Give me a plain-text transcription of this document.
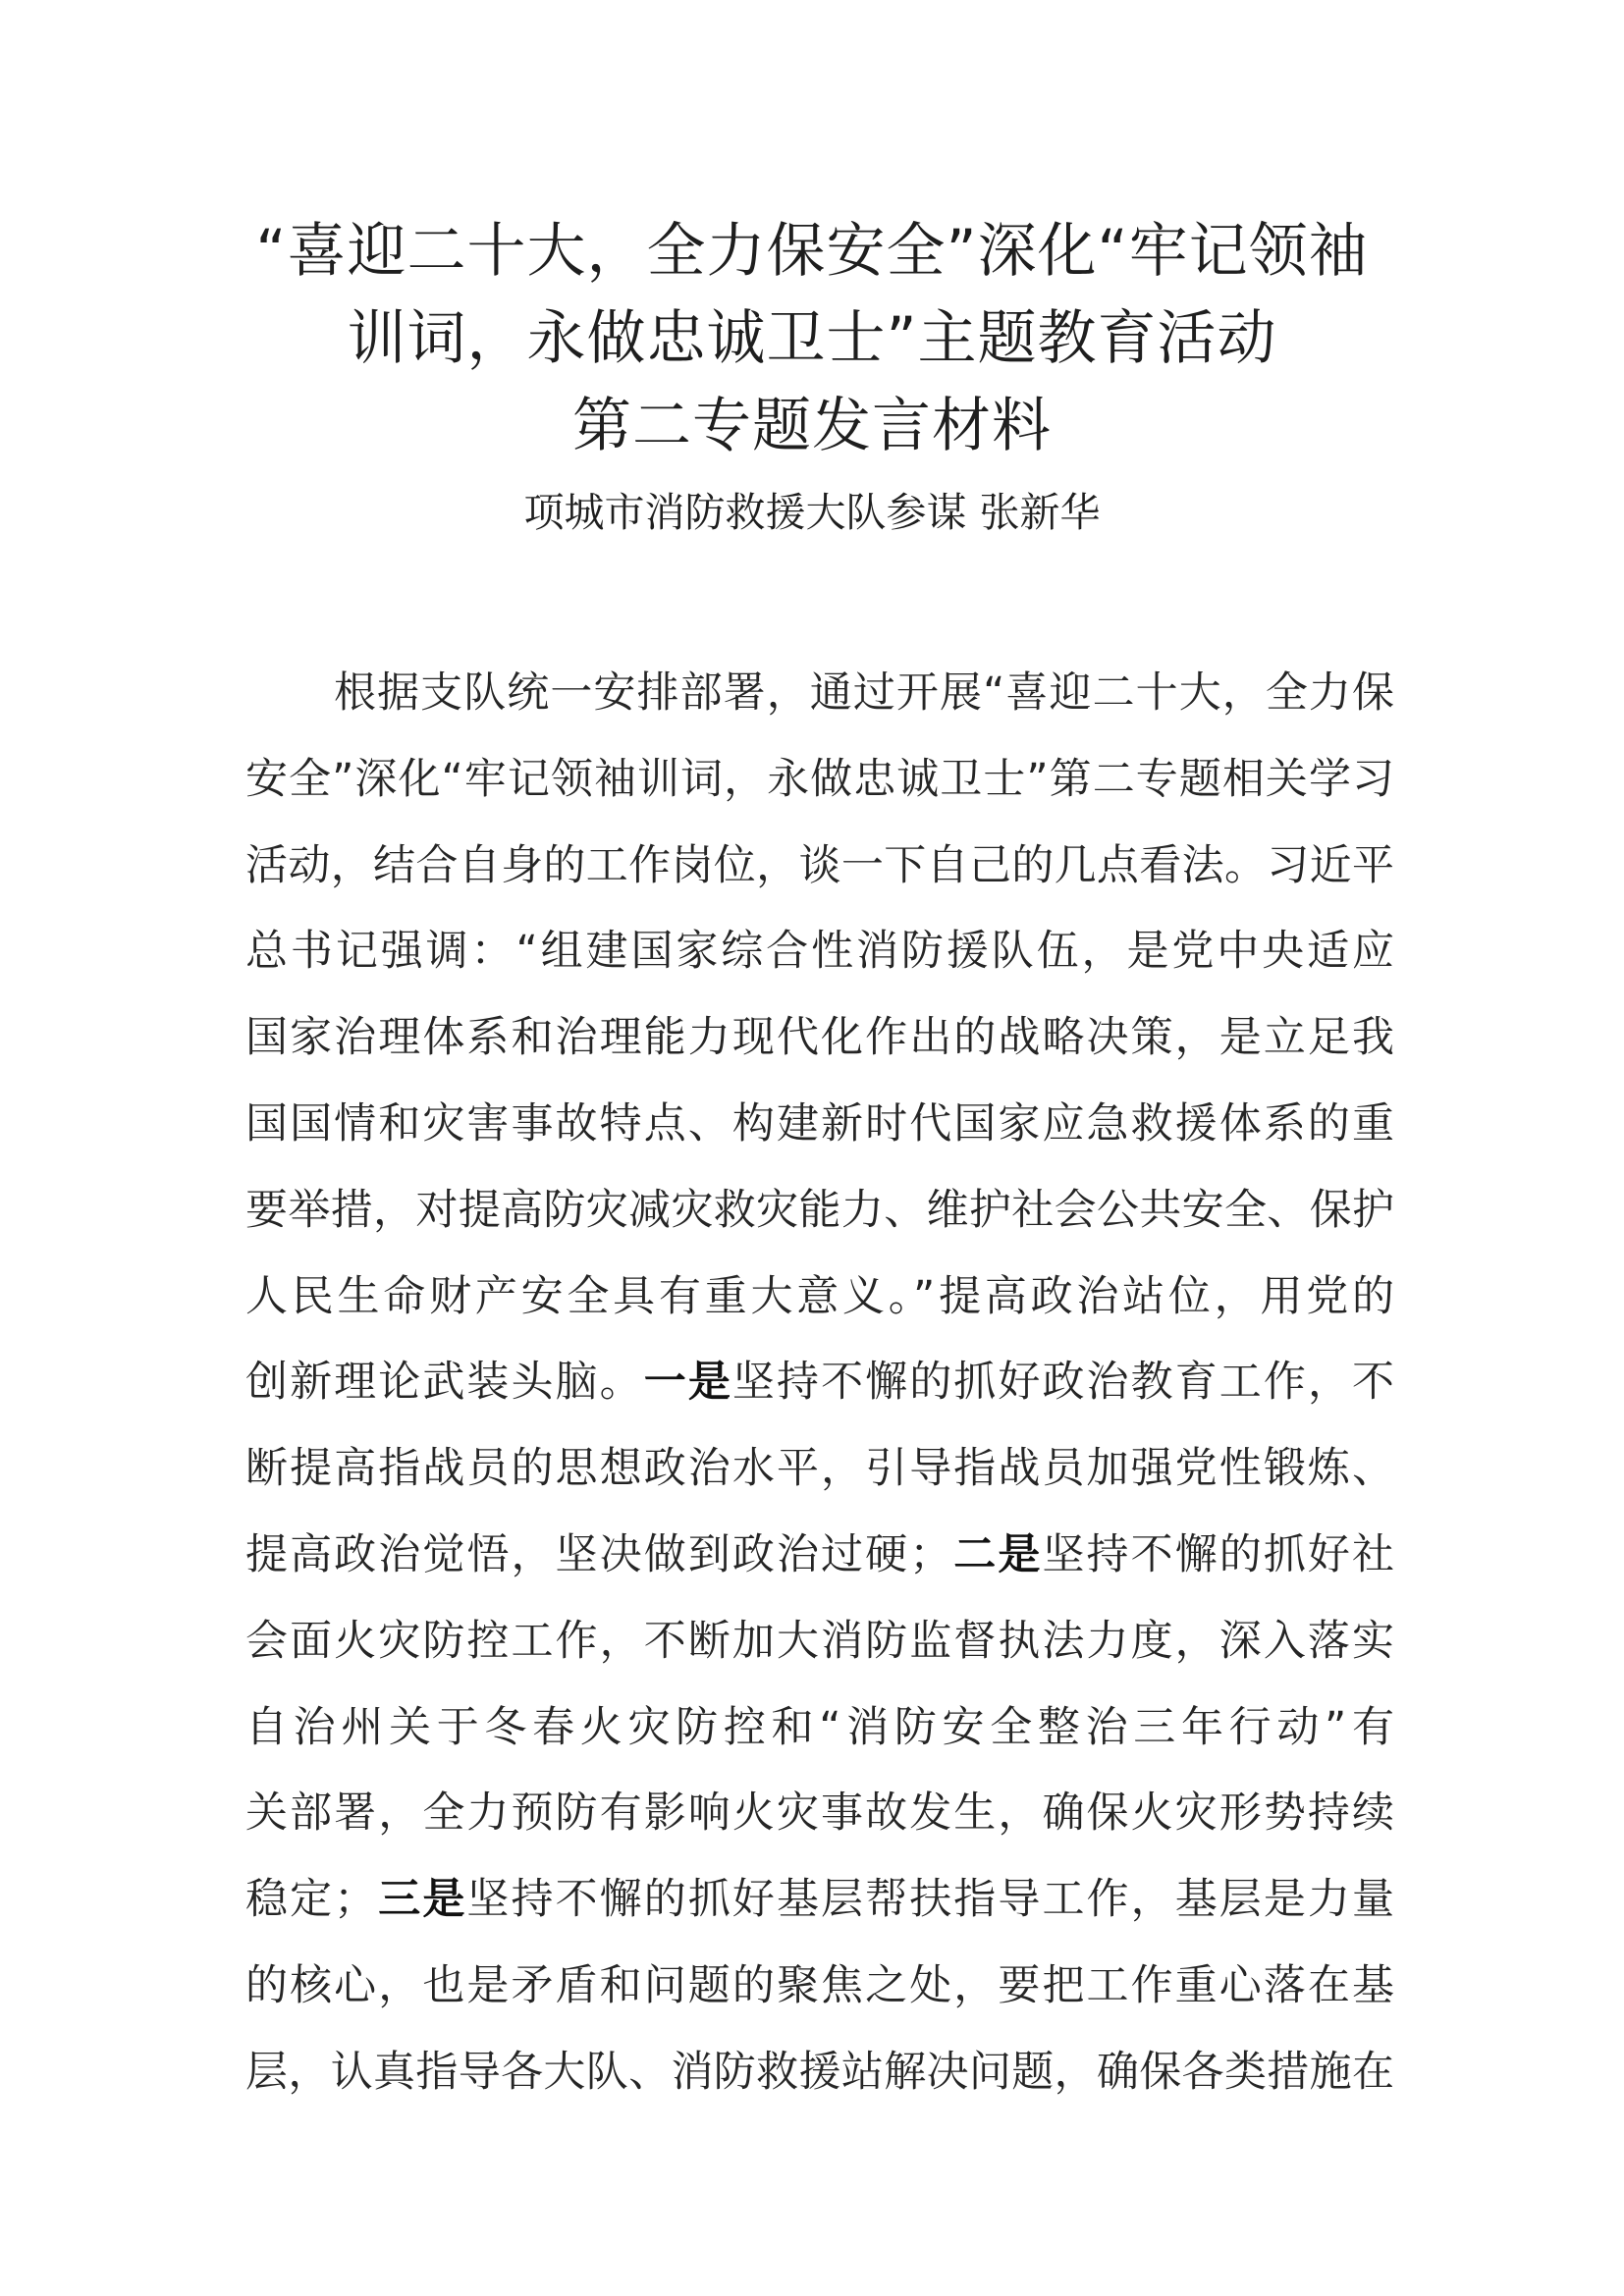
“喜迎二十大，全力保安全”深化“牢记领袖
训词，永做忠诚卫士”主题教育活动
第二专题发言材料
项城市消防救援大队参谋 张新华
根据支队统一安排部署，通过开展“喜迎二十大，全力保
安全”深化“牢记领袖训词，永做忠诚卫士”第二专题相关学习
活动，结合自身的工作岗位，谈一下自己的几点看法。习近平
总书记强调：“组建国家综合性消防援队伍，是党中央适应
国家治理体系和治理能力现代化作出的战略决策，是立足我
国国情和灾害事故特点、构建新时代国家应急救援体系的重
要举措，对提高防灾减灾救灾能力、维护社会公共安全、保护
人民生命财产安全具有重大意义。”提高政治站位，用党的
创新理论武装头脑。一是坚持不懈的抓好政治教育工作，不
断提高指战员的思想政治水平，引导指战员加强党性锻炼、
提高政治觉悟，坚决做到政治过硬；二是坚持不懈的抓好社
会面火灾防控工作，不断加大消防监督执法力度，深入落实
自治州关于冬春火灾防控和“消防安全整治三年行动”有
关部署，全力预防有影响火灾事故发生，确保火灾形势持续
稳定；三是坚持不懈的抓好基层帮扶指导工作，基层是力量
的核心，也是矛盾和问题的聚焦之处，要把工作重心落在基
层，认真指导各大队、消防救援站解决问题，确保各类措施在
